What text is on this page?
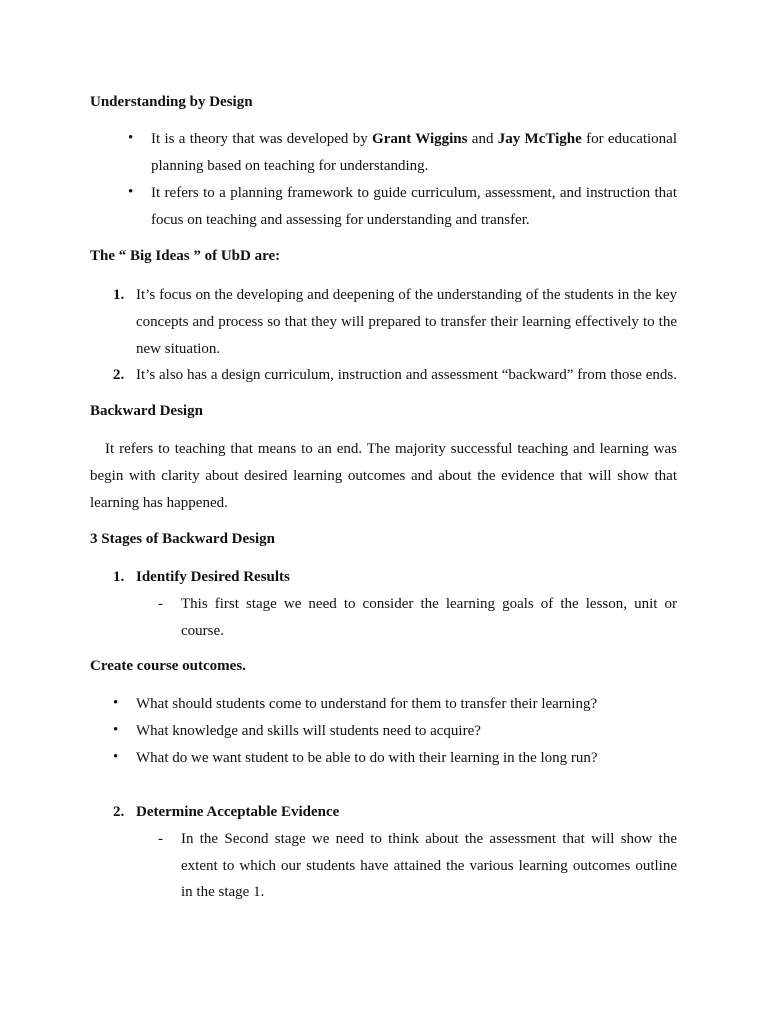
Understanding by Design
• It is a theory that was developed by Grant Wiggins and Jay McTighe for educational
planning based on teaching for understanding.
• It refers to a planning framework to guide curriculum, assessment, and instruction that
focus on teaching and assessing for understanding and transfer.
The “ Big Ideas ” of UbD are:
1. It’s focus on the developing and deepening of the understanding of the students in the key
concepts and process so that they will prepared to transfer their learning effectively to the
new situation.
2. It’s also has a design curriculum, instruction and assessment “backward” from those ends.
Backward Design
It refers to teaching that means to an end. The majority successful teaching and learning was
begin with clarity about desired learning outcomes and about the evidence that will show that
learning has happened.
3 Stages of Backward Design
1. Identify Desired Results
- This first stage we need to consider the learning goals of the lesson, unit or
course.
Create course outcomes.
• What should students come to understand for them to transfer their learning?
• What knowledge and skills will students need to acquire?
• What do we want student to be able to do with their learning in the long run?
2. Determine Acceptable Evidence
- In the Second stage we need to think about the assessment that will show the
extent to which our students have attained the various learning outcomes outline
in the stage 1.
